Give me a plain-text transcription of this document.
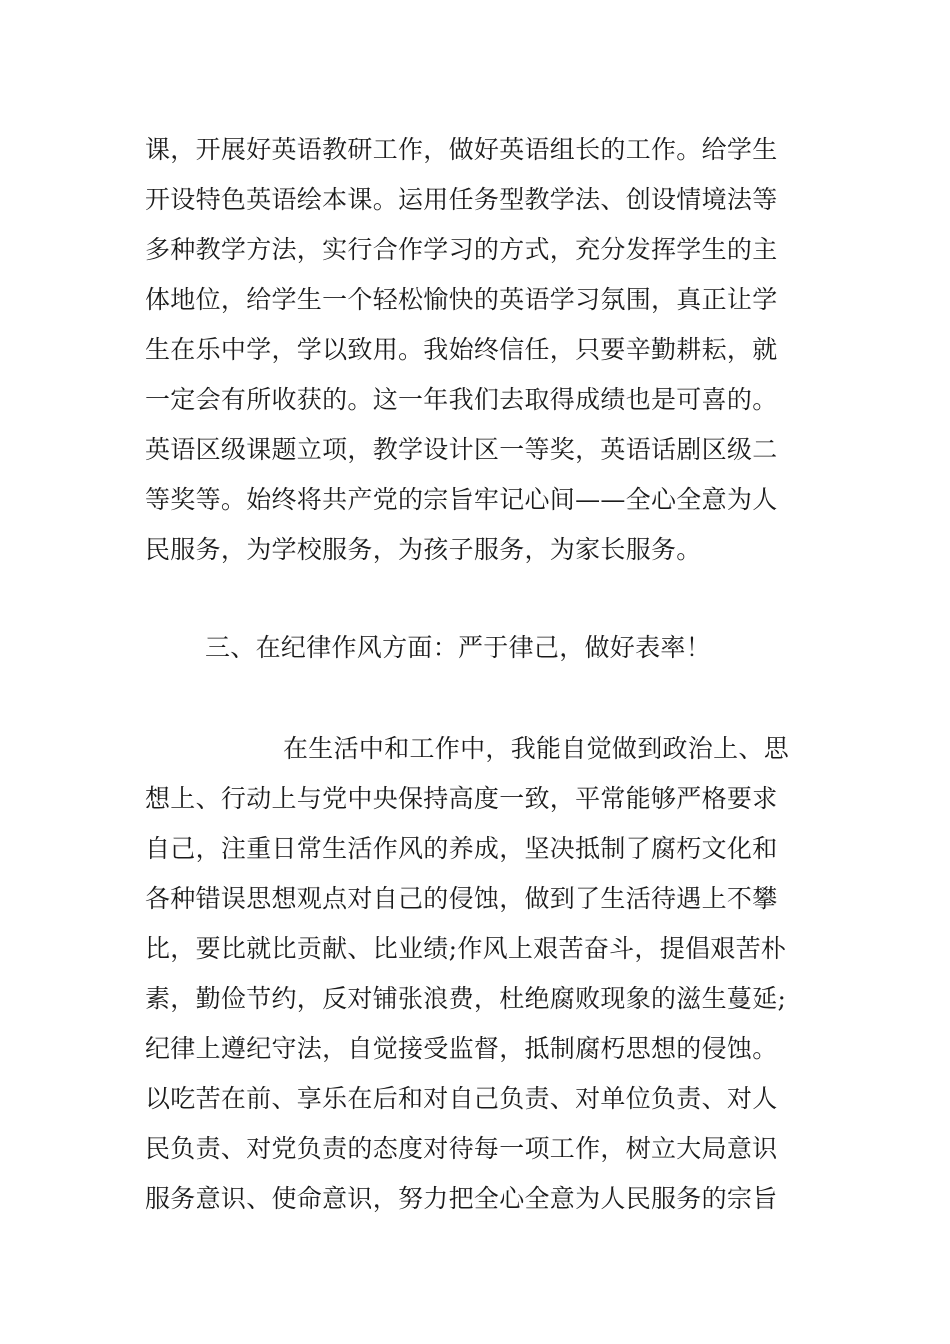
课，开展好英语教研工作，做好英语组长的工作。给学生
开设特色英语绘本课。运用任务型教学法、创设情境法等
多种教学方法，实行合作学习的方式，充分发挥学生的主
体地位，给学生一个轻松愉快的英语学习氛围，真正让学
生在乐中学，学以致用。我始终信任，只要辛勤耕耘，就
一定会有所收获的。这一年我们去取得成绩也是可喜的。
英语区级课题立项，教学设计区一等奖，英语话剧区级二
等奖等。始终将共产党的宗旨牢记心间——全心全意为人
民服务，为学校服务，为孩子服务，为家长服务。
三、在纪律作风方面：严于律己，做好表率！
在生活中和工作中，我能自觉做到政治上、思
想上、行动上与党中央保持高度一致，平常能够严格要求
自己，注重日常生活作风的养成，坚决抵制了腐朽文化和
各种错误思想观点对自己的侵蚀，做到了生活待遇上不攀
比，要比就比贡献、比业绩;作风上艰苦奋斗，提倡艰苦朴
素，勤俭节约，反对铺张浪费，杜绝腐败现象的滋生蔓延;
纪律上遵纪守法，自觉接受监督，抵制腐朽思想的侵蚀。
以吃苦在前、享乐在后和对自己负责、对单位负责、对人
民负责、对党负责的态度对待每一项工作，树立大局意识
服务意识、使命意识，努力把全心全意为人民服务的宗旨
